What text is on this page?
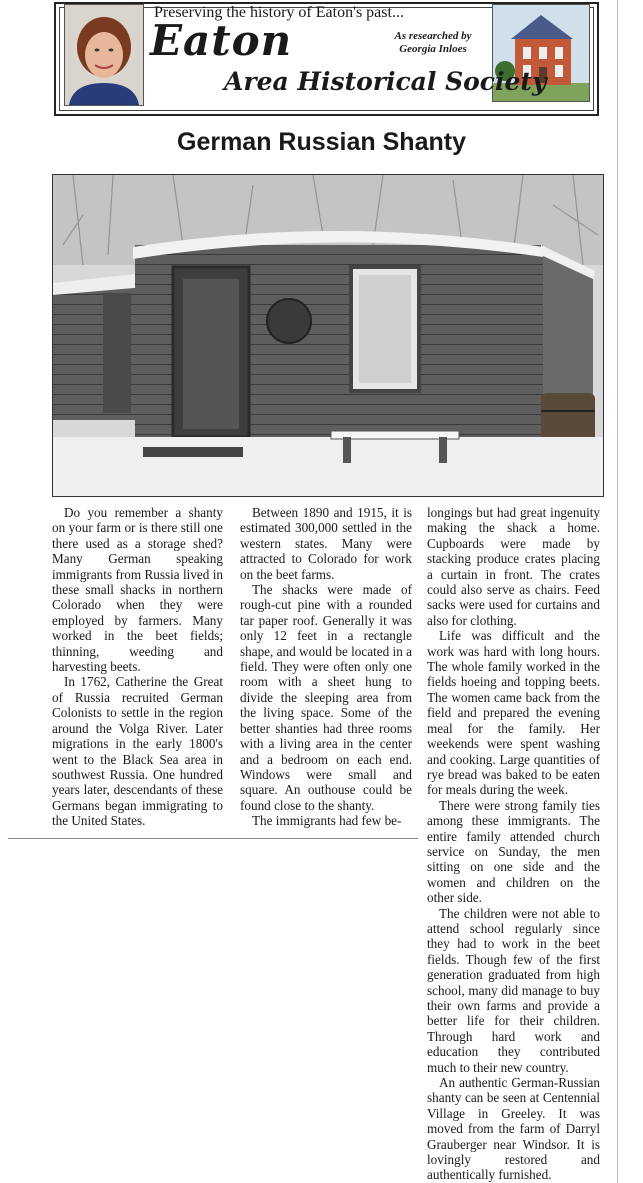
Preserving the history of Eaton's past...
Eaton
Area Historical Society
As researched by
Georgia Inloes
German Russian Shanty

Do you remember a shanty on your farm or is there still one there used as a storage shed? Many German speaking immigrants from Russia lived in these small shacks in northern Colorado when they were employed by farmers. Many worked in the beet fields; thinning, weeding and harvesting beets.

In 1762, Catherine the Great of Russia recruited German Colonists to settle in the region around the Volga River. Later migrations in the early 1800's went to the Black Sea area in southwest Russia. One hundred years later, descendants of these Germans began immigrating to the United States.

Between 1890 and 1915, it is estimated 300,000 settled in the western states. Many were attracted to Colorado for work on the beet farms.

The shacks were made of rough-cut pine with a rounded tar paper roof. Generally it was only 12 feet in a rectangle shape, and would be located in a field. They were often only one room with a sheet hung to divide the sleeping area from the living space. Some of the better shanties had three rooms with a living area in the center and a bedroom on each end. Windows were small and square. An outhouse could be found close to the shanty.

The immigrants had few be-

longings but had great ingenuity making the shack a home. Cupboards were made by stacking produce crates placing a curtain in front. The crates could also serve as chairs. Feed sacks were used for curtains and also for clothing.

Life was difficult and the work was hard with long hours. The whole family worked in the fields hoeing and topping beets. The women came back from the field and prepared the evening meal for the family. Her weekends were spent washing and cooking. Large quantities of rye bread was baked to be eaten for meals during the week.

There were strong family ties among these immigrants. The entire family attended church service on Sunday, the men sitting on one side and the women and children on the other side.

The children were not able to attend school regularly since they had to work in the beet fields. Though few of the first generation graduated from high school, many did manage to buy their own farms and provide a better life for their children. Through hard work and education they contributed much to their new country.

An authentic German-Russian shanty can be seen at Centennial Village in Greeley. It was moved from the farm of Darryl Grauberger near Windsor. It is lovingly restored and authentically furnished.
